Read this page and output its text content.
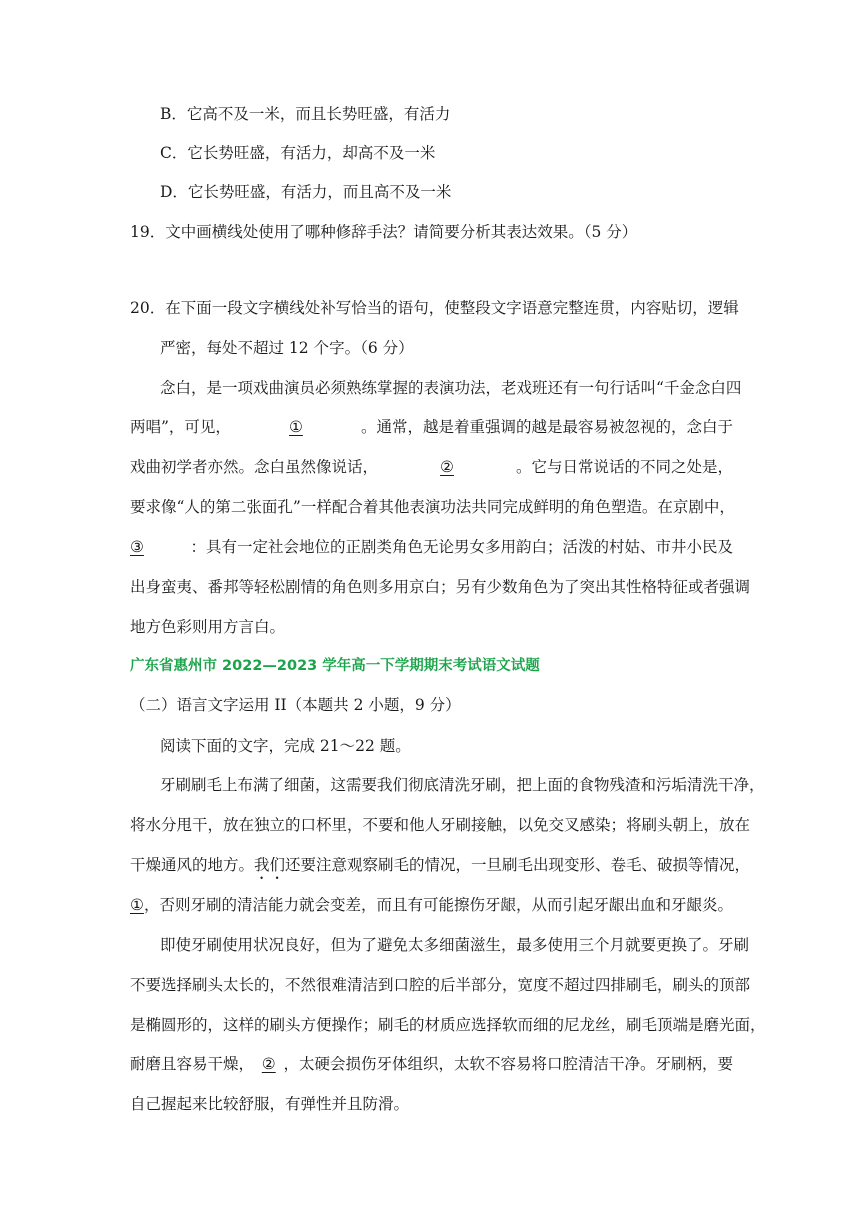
B．它高不及一米，而且长势旺盛，有活力
C．它长势旺盛，有活力，却高不及一米
D．它长势旺盛，有活力，而且高不及一米
19．文中画横线处使用了哪种修辞手法？请简要分析其表达效果。（5 分）
20．在下面一段文字横线处补写恰当的语句，使整段文字语意完整连贯，内容贴切，逻辑
严密，每处不超过 12 个字。（6 分）
念白，是一项戏曲演员必须熟练掌握的表演功法，老戏班还有一句行话叫“千金念白四
两唱”，可见，	①	。通常，越是着重强调的越是最容易被忽视的，念白于
戏曲初学者亦然。念白虽然像说话，	②	。它与日常说话的不同之处是，
要求像“人的第二张面孔”一样配合着其他表演功法共同完成鲜明的角色塑造。在京剧中，
③	：具有一定社会地位的正剧类角色无论男女多用韵白；活泼的村姑、市井小民及
出身蛮夷、番邦等轻松剧情的角色则多用京白；另有少数角色为了突出其性格特征或者强调
地方色彩则用方言白。
广东省惠州市 2022—2023 学年高一下学期期末考试语文试题
（二）语言文字运用 II（本题共 2 小题，9 分）
阅读下面的文字，完成 21～22 题。
牙刷刷毛上布满了细菌，这需要我们彻底清洗牙刷，把上面的食物残渣和污垢清洗干净，
将水分甩干，放在独立的口杯里，不要和他人牙刷接触，以免交叉感染；将刷头朝上，放在
干燥通风的地方。我们 还要注意观察刷毛的情况，一旦刷毛出现变形、卷毛、破损等情况，
① ，否则牙刷的清洁能力就会变差，而且有可能擦伤牙龈，从而引起牙龈出血和牙龈炎。
即使牙刷使用状况良好，但为了避免太多细菌滋生，最多使用三个月就要更换了。牙刷
不要选择刷头太长的，不然很难清洁到口腔的后半部分，宽度不超过四排刷毛，刷头的顶部
是椭圆形的，这样的刷头方便操作；刷毛的材质应选择软而细的尼龙丝，刷毛顶端是磨光面，
耐磨且容易干燥， ② ，太硬会损伤牙体组织，太软不容易将口腔清洁干净。牙刷柄，要
自己握起来比较舒服，有弹性并且防滑。
